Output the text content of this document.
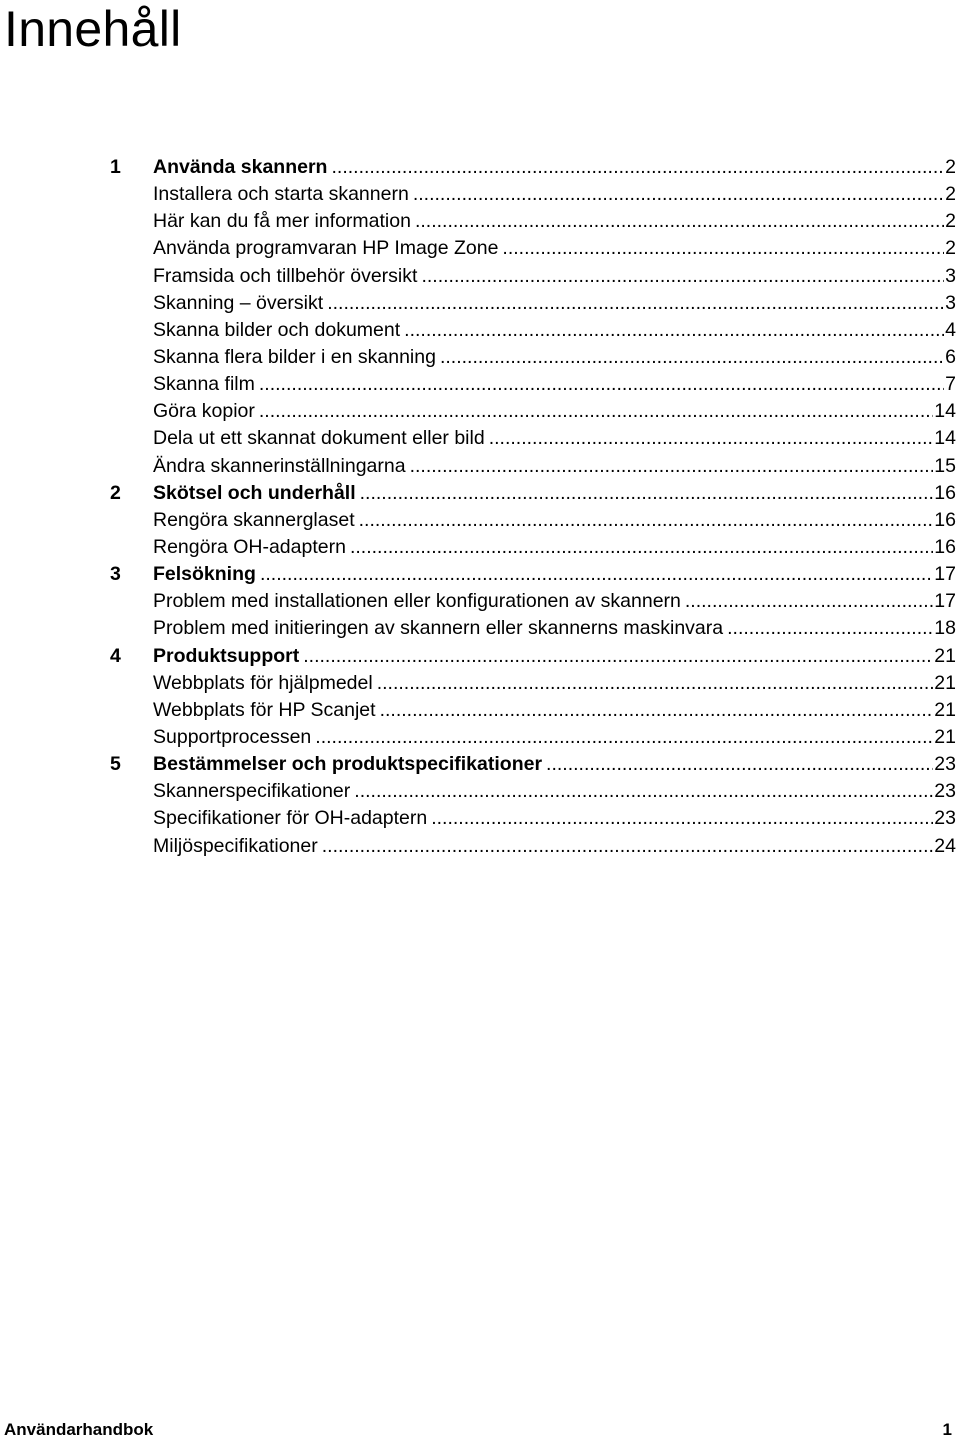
Innehåll
1	Använda skannern .....	2
Installera och starta skannern .....	2
Här kan du få mer information .....	2
Använda programvaran HP Image Zone .....	2
Framsida och tillbehör översikt .....	3
Skanning – översikt .....	3
Skanna bilder och dokument .....	4
Skanna flera bilder i en skanning .....	6
Skanna film .....	7
Göra kopior .....	14
Dela ut ett skannat dokument eller bild .....	14
Ändra skannerinställningarna .....	15
2	Skötsel och underhåll .....	16
Rengöra skannerglaset .....	16
Rengöra OH-adaptern .....	16
3	Felsökning .....	17
Problem med installationen eller konfigurationen av skannern .....	17
Problem med initieringen av skannern eller skannerns maskinvara .....	18
4	Produktsupport .....	21
Webbplats för hjälpmedel .....	21
Webbplats för HP Scanjet .....	21
Supportprocessen .....	21
5	Bestämmelser och produktspecifikationer .....	23
Skannerspecifikationer .....	23
Specifikationer för OH-adaptern .....	23
Miljöspecifikationer .....	24
Användarhandbok	1
